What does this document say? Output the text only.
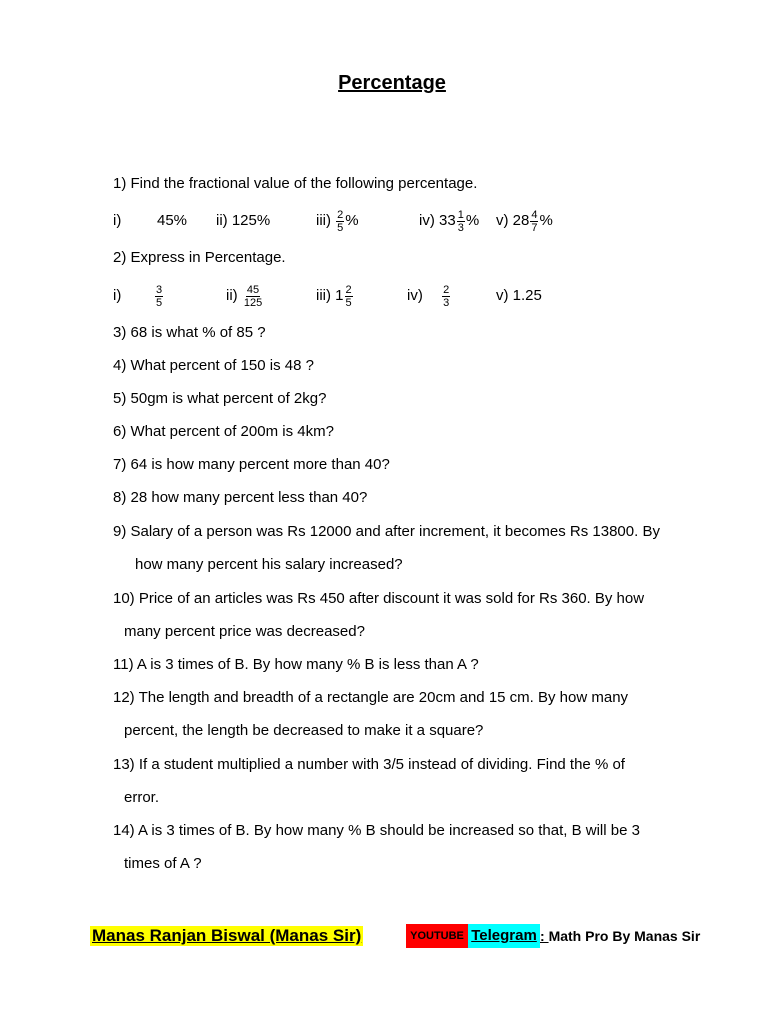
Percentage
1) Find the fractional value of the following percentage.
i) 45% ii) 125%	$iii) \frac{2}{5}$ %	iv) $33 \frac{1}{3}$ % v) $28 \frac{4}{7}$ %
2) Express in Percentage.
i)	$\frac{3}{5}$	$ii) \frac{45}{125}$	iii) $1 \frac{2}{5}$	$iv) \frac{2}{3}$	v) 1.25
3) 68 is what % of 85 ?
4) What percent of 150 is 48 ?
5) 50gm is what percent of 2kg?
6) What percent of 200m is 4km?
7) 64 is how many percent more than 40?
8) 28 how many percent less than 40?
9) Salary of a person was Rs 12000 and after increment, it becomes Rs 13800. By
how many percent his salary increased?
10) Price of an articles was Rs 450 after discount it was sold for Rs 360. By how
many percent price was decreased?
11) A is 3 times of B. By how many % B is less than A ?
12) The length and breadth of a rectangle are 20cm and 15 cm. By how many
percent, the length be decreased to make it a square?
13) If a student multiplied a number with 3/5 instead of dividing. Find the % of
error.
14) A is 3 times of B. By how many % B should be increased so that, B will be 3
times of A ?
Manas Ranjan Biswal (Manas Sir)	YOUTUBE Telegram : Math Pro By Manas Sir
